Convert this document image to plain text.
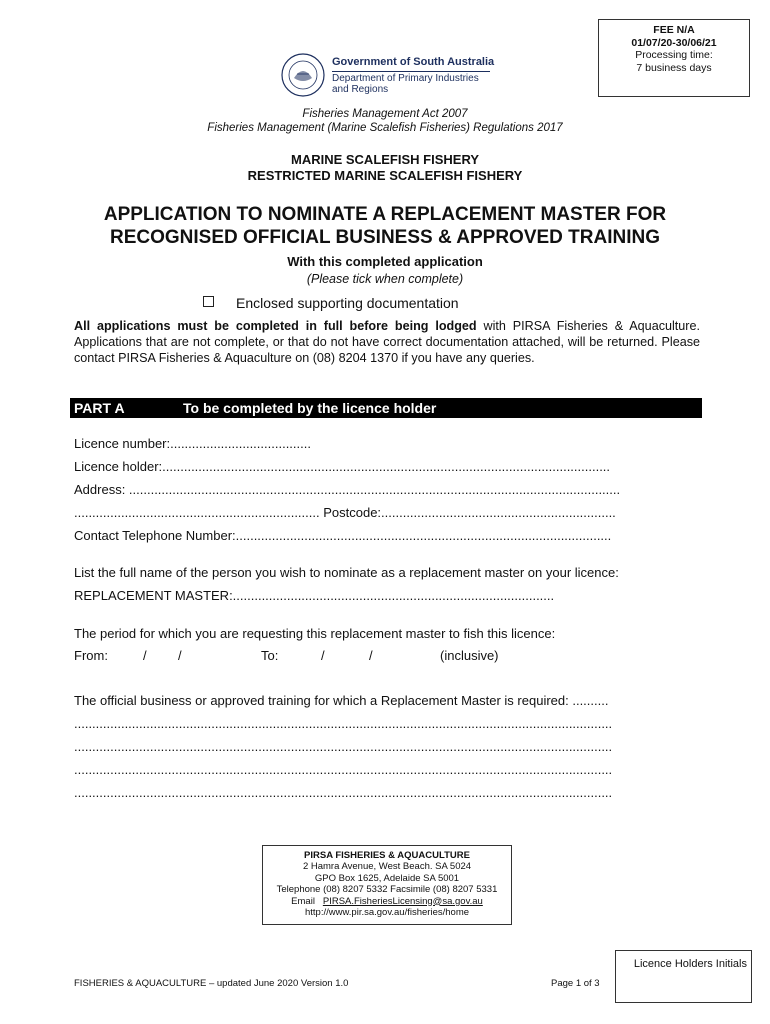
FEE N/A
01/07/20-30/06/21
Processing time:
7 business days
Government of South Australia
Department of Primary Industries
and Regions
Fisheries Management Act 2007
Fisheries Management (Marine Scalefish Fisheries) Regulations 2017
MARINE SCALEFISH FISHERY
RESTRICTED MARINE SCALEFISH FISHERY
APPLICATION TO NOMINATE A REPLACEMENT MASTER FOR
RECOGNISED OFFICIAL BUSINESS & APPROVED TRAINING
With this completed application
(Please tick when complete)
Enclosed supporting documentation
All applications must be completed in full before being lodged with PIRSA Fisheries & Aquaculture. Applications that are not complete, or that do not have correct documentation attached, will be returned. Please contact PIRSA Fisheries & Aquaculture on (08) 8204 1370 if you have any queries.
PART A	To be completed by the licence holder
Licence number:.......................................
Licence holder:............................................................................................................................
Address: ........................................................................................................................................
.................................................................... Postcode:.................................................................
Contact Telephone Number:........................................................................................................
List the full name of the person you wish to nominate as a replacement master on your licence:
REPLACEMENT MASTER:.........................................................................................
The period for which you are requesting this replacement master to fish this licence:
From:	/ /	To:	/	/	(inclusive)
The official business or approved training for which a Replacement Master is required: ..........
.....................................................................................................................................................
.....................................................................................................................................................
.....................................................................................................................................................
.....................................................................................................................................................
PIRSA FISHERIES & AQUACULTURE
2 Hamra Avenue, West Beach. SA 5024
GPO Box 1625, Adelaide SA 5001
Telephone (08) 8207 5332 Facsimile (08) 8207 5331
Email PIRSA.FisheriesLicensing@sa.gov.au
http://www.pir.sa.gov.au/fisheries/home
Licence Holders Initials
FISHERIES & AQUACULTURE – updated June 2020 Version 1.0	Page 1 of 3
